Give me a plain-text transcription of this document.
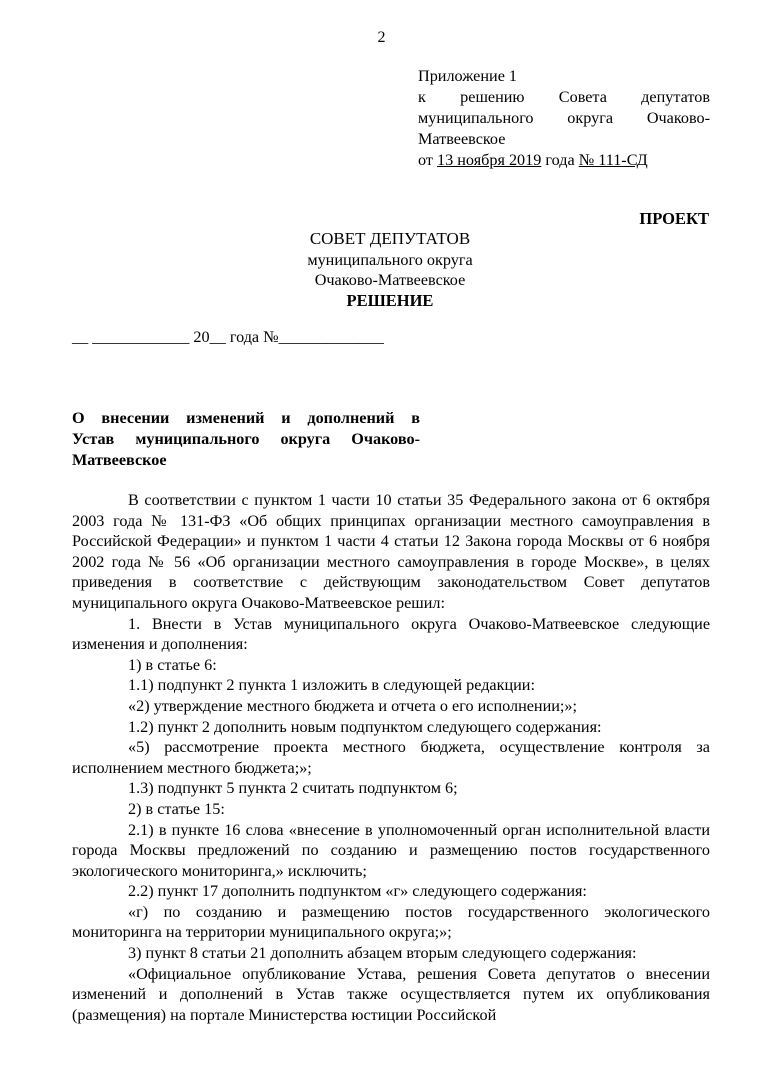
2
Приложение 1
к решению Совета депутатов
муниципального округа Очаково-
Матвеевское
от 13 ноября 2019 года № 111-СД
ПРОЕКТ
СОВЕТ ДЕПУТАТОВ
муниципального округа
Очаково-Матвеевское
РЕШЕНИЕ
__ ____________ 20__ года №_____________
О внесении изменений и дополнений в
Устав муниципального округа Очаково-
Матвеевское

В соответствии с пунктом 1 части 10 статьи 35 Федерального закона от 6 октября 2003 года № 131-ФЗ «Об общих принципах организации местного самоуправления в Российской Федерации» и пунктом 1 части 4 статьи 12 Закона города Москвы от 6 ноября 2002 года № 56 «Об организации местного самоуправления в городе Москве», в целях приведения в соответствие с действующим законодательством Совет депутатов муниципального округа Очаково-Матвеевское решил:

1. Внести в Устав муниципального округа Очаково-Матвеевское следующие изменения и дополнения:

1) в статье 6:

1.1) подпункт 2 пункта 1 изложить в следующей редакции:

«2) утверждение местного бюджета и отчета о его исполнении;»;

1.2) пункт 2 дополнить новым подпунктом следующего содержания:

«5) рассмотрение проекта местного бюджета, осуществление контроля за исполнением местного бюджета;»;

1.3) подпункт 5 пункта 2 считать подпунктом 6;

2) в статье 15:

2.1) в пункте 16 слова «внесение в уполномоченный орган исполнительной власти города Москвы предложений по созданию и размещению постов государственного экологического мониторинга,» исключить;

2.2) пункт 17 дополнить подпунктом «г» следующего содержания:

«г) по созданию и размещению постов государственного экологического мониторинга на территории муниципального округа;»;

3) пункт 8 статьи 21 дополнить абзацем вторым следующего содержания:

«Официальное опубликование Устава, решения Совета депутатов о внесении изменений и дополнений в Устав также осуществляется путем их опубликования (размещения) на портале Министерства юстиции Российской
